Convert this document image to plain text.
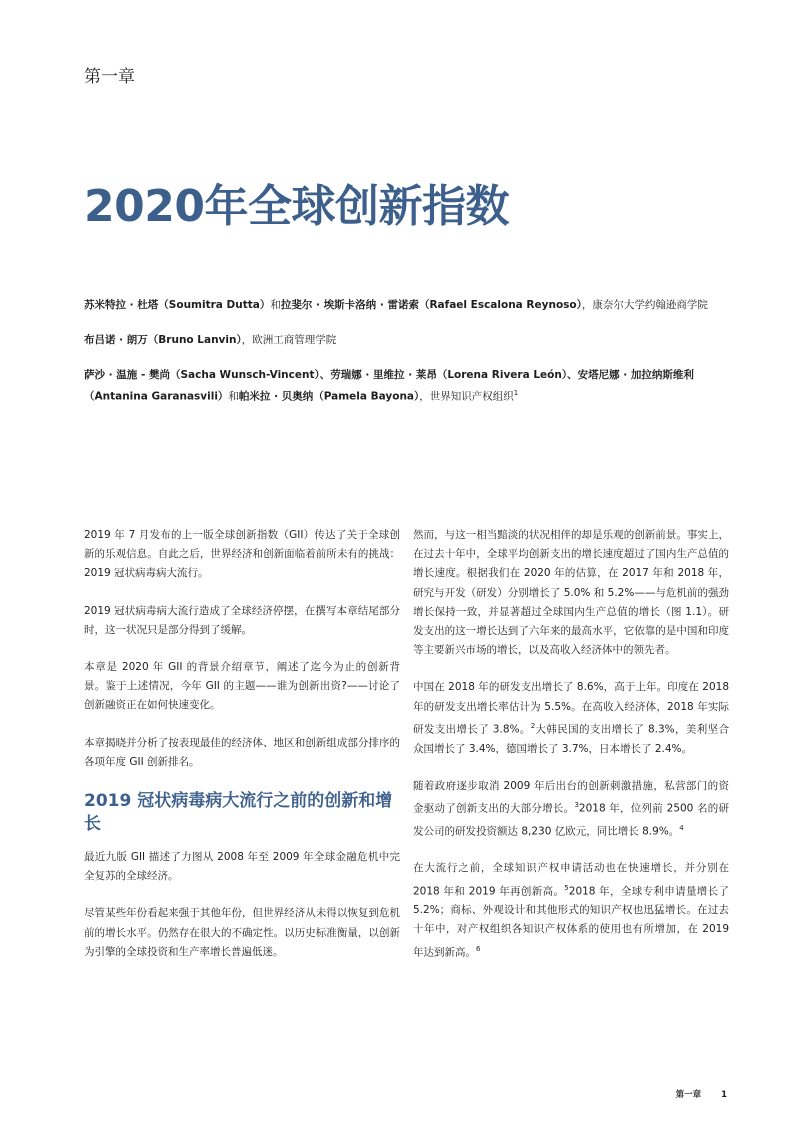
第一章
2020年全球创新指数

苏米特拉 · 杜塔（Soumitra Dutta）和拉斐尔 · 埃斯卡洛纳 · 雷诺索（Rafael Escalona Reynoso），康奈尔大学约翰逊商学院

布吕诺 · 朗万（Bruno Lanvin），欧洲工商管理学院

萨沙 · 温施 - 樊尚（Sacha Wunsch-Vincent）、劳瑞娜 · 里维拉 · 莱昂（Lorena Rivera León）、安塔尼娜 · 加拉纳斯维利（Antanina Garanasvili）和帕米拉 · 贝奥纳（Pamela Bayona），世界知识产权组织$^1$

2019 年 7 月发布的上一版全球创新指数（GII）传达了关于全球创新的乐观信息。自此之后，世界经济和创新面临着前所未有的挑战：2019 冠状病毒病大流行。

2019 冠状病毒病大流行造成了全球经济停摆，在撰写本章结尾部分时，这一状况只是部分得到了缓解。

本章是 2020 年 GII 的背景介绍章节，阐述了迄今为止的创新背景。鉴于上述情况，今年 GII 的主题——谁为创新出资?——讨论了创新融资正在如何快速变化。

本章揭晓并分析了按表现最佳的经济体、地区和创新组成部分排序的各项年度 GII 创新排名。

2019 冠状病毒病大流行之前的创新和增长

最近九版 GII 描述了力图从 2008 年至 2009 年全球金融危机中完全复苏的全球经济。

尽管某些年份看起来强于其他年份，但世界经济从未得以恢复到危机前的增长水平。仍然存在很大的不确定性。以历史标准衡量，以创新为引擎的全球投资和生产率增长普遍低迷。

然而，与这一相当黯淡的状况相伴的却是乐观的创新前景。事实上，在过去十年中，全球平均创新支出的增长速度超过了国内生产总值的增长速度。根据我们在 2020 年的估算，在 2017 年和 2018 年，研究与开发（研发）分别增长了 5.0% 和 5.2%——与危机前的强劲增长保持一致，并显著超过全球国内生产总值的增长（图 1.1）。研发支出的这一增长达到了六年来的最高水平，它依靠的是中国和印度等主要新兴市场的增长，以及高收入经济体中的领先者。

中国在 2018 年的研发支出增长了 8.6%，高于上年。印度在 2018 年的研发支出增长率估计为 5.5%。在高收入经济体，2018 年实际研发支出增长了 3.8%。$^2$大韩民国的支出增长了 8.3%，美利坚合众国增长了 3.4%，德国增长了 3.7%，日本增长了 2.4%。

随着政府逐步取消 2009 年后出台的创新刺激措施，私营部门的资金驱动了创新支出的大部分增长。$^3$2018 年，位列前 2500 名的研发公司的研发投资额达 8,230 亿欧元，同比增长 8.9%。$^4$

在大流行之前，全球知识产权申请活动也在快速增长，并分别在 2018 年和 2019 年再创新高。$^5$2018 年，全球专利申请量增长了 5.2%；商标、外观设计和其他形式的知识产权也迅猛增长。在过去十年中，对产权组织各知识产权体系的使用也有所增加，在 2019 年达到新高。$^6$

第一章 1
